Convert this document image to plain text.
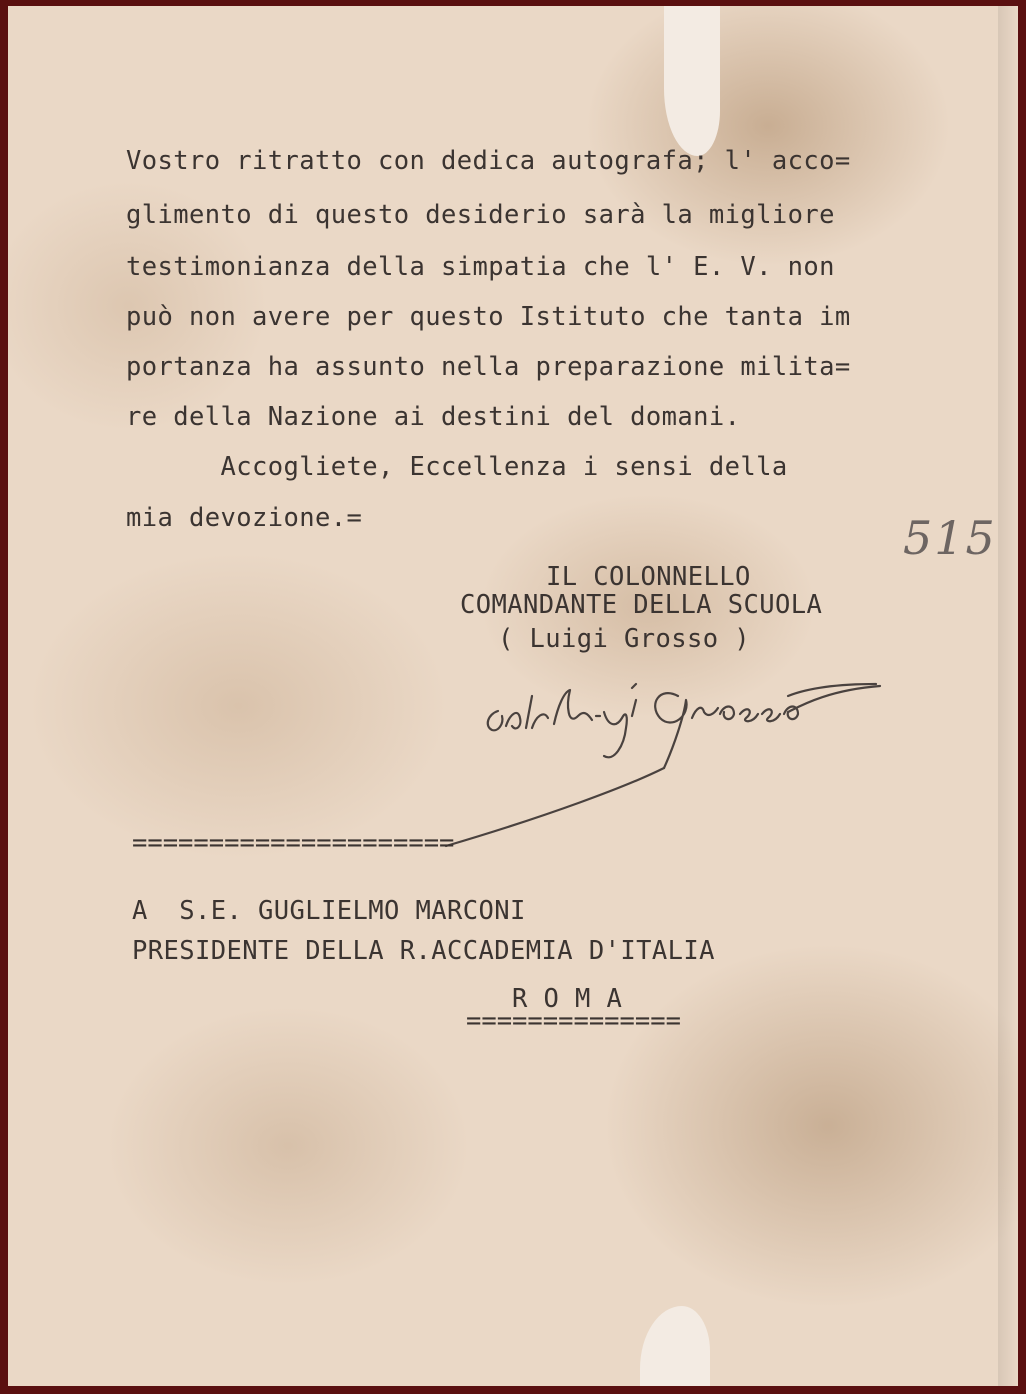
Vostro ritratto con dedica autografa; l' acco=
glimento di questo desiderio sarà la migliore
testimonianza della simpatia che l' E. V. non
può non avere per questo Istituto che tanta im
portanza ha assunto nella preparazione milita=
re della Nazione ai destini del domani.
Accogliete, Eccellenza i sensi della
mia devozione.=	515
IL COLONNELLO
COMANDANTE DELLA SCUOLA
( Luigi Grosso )
=====================
A  S.E. GUGLIELMO MARCONI
PRESIDENTE DELLA R.ACCADEMIA D'ITALIA
R O M A
==============
